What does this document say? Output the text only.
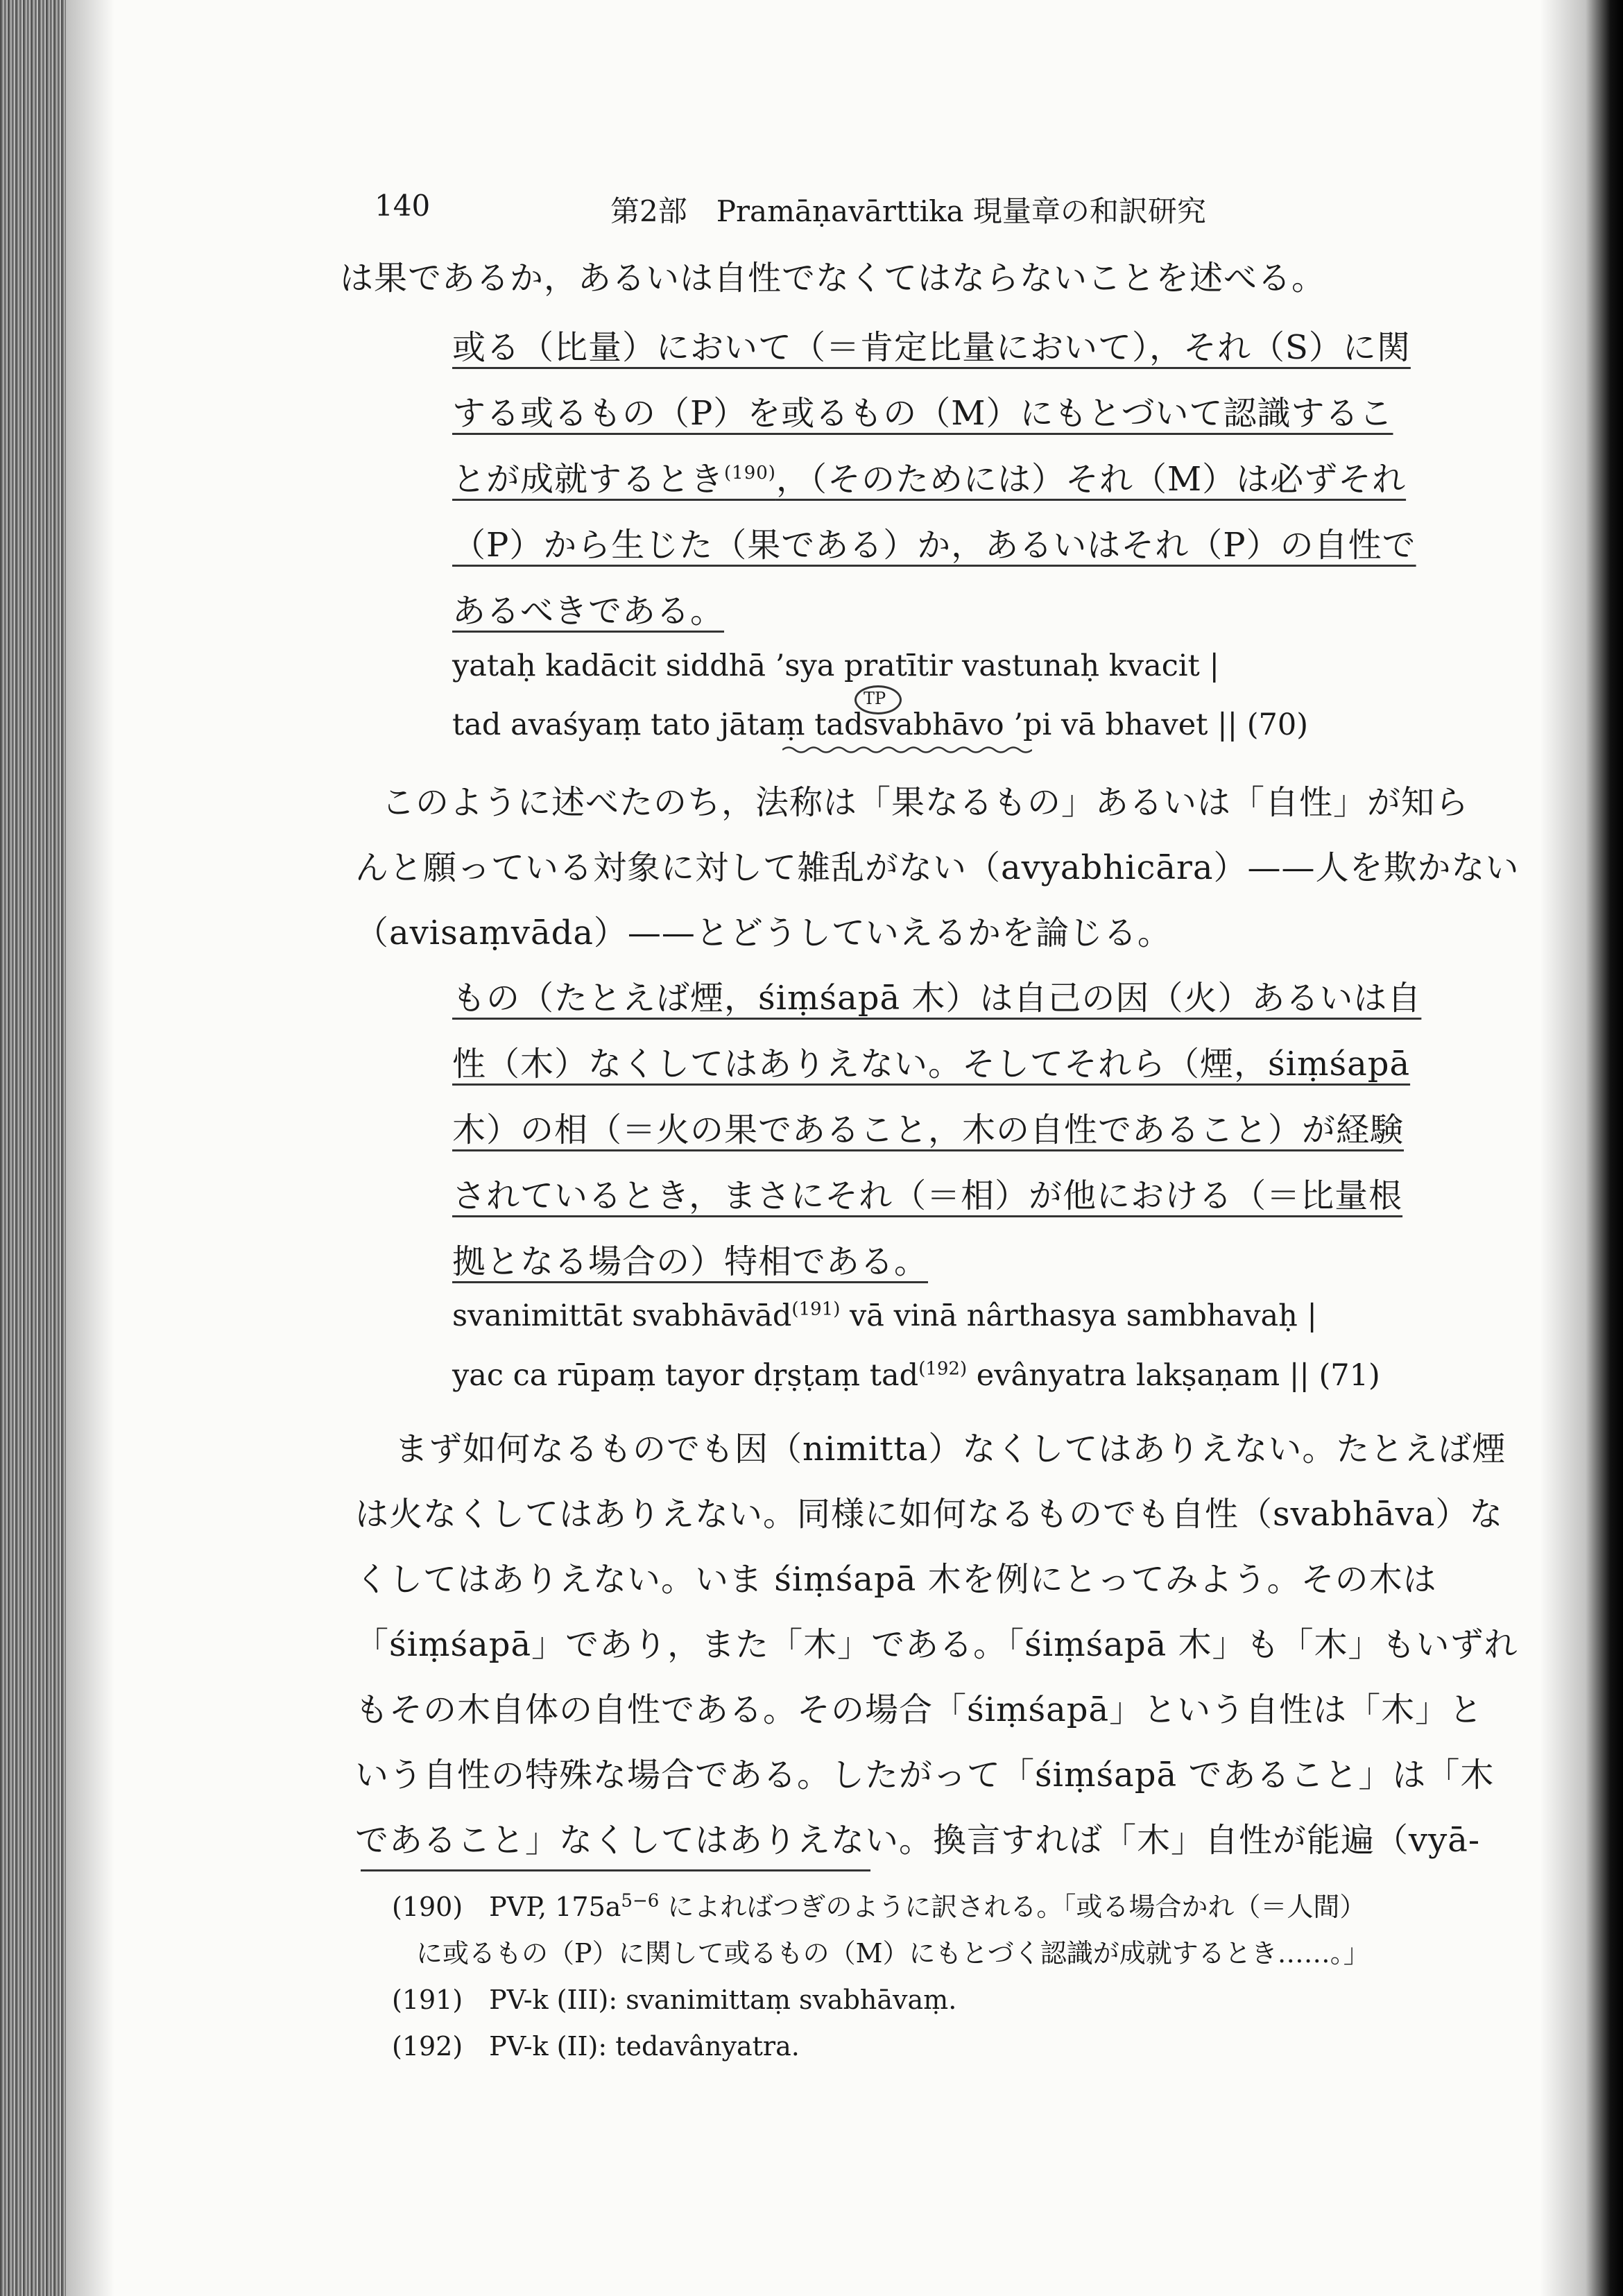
140	第2部　Pramāṇavārttika 現量章の和訳研究
は果であるか，あるいは自性でなくてはならないことを述べる。
或る（比量）において（＝肯定比量において），それ（S）に関
する或るもの（P）を或るもの（M）にもとづいて認識するこ
とが成就するとき$^{(190)}$，（そのためには）それ（M）は必ずそれ
（P）から生じた（果である）か，あるいはそれ（P）の自性で
あるべきである。
yataḥ kadācit siddhā ’sya pratītir vastunaḥ kvacit |
TP
tad avaśyaṃ tato jātaṃ tadsvabhāvo ’pi vā bhavet || (70)
このように述べたのち，法称は「果なるもの」あるいは「自性」が知ら
んと願っている対象に対して雑乱がない（avyabhicāra）——人を欺かない
（avisaṃvāda）——とどうしていえるかを論じる。
もの（たとえば煙，śiṃśapā 木）は自己の因（火）あるいは自
性（木）なくしてはありえない。そしてそれら（煙，śiṃśapā
木）の相（＝火の果であること，木の自性であること）が経験
されているとき，まさにそれ（＝相）が他における（＝比量根
拠となる場合の）特相である。
svanimittāt svabhāvād$^{(191)}$ vā vinā nârthasya sambhavaḥ |
yac ca rūpaṃ tayor dṛṣṭaṃ tad$^{(192)}$ evânyatra lakṣaṇam || (71)
　まず如何なるものでも因（nimitta）なくしてはありえない。たとえば煙
は火なくしてはありえない。同様に如何なるものでも自性（svabhāva）な
くしてはありえない。いま śiṃśapā 木を例にとってみよう。その木は
「śiṃśapā」であり，また「木」である。「śiṃśapā 木」も「木」もいずれ
もその木自体の自性である。その場合「śiṃśapā」という自性は「木」と
いう自性の特殊な場合である。したがって「śiṃśapā であること」は「木
であること」なくしてはありえない。換言すれば「木」自性が能遍（vyā-
(190)　PVP, $175a^{5-6}$ によればつぎのように訳される。「或る場合かれ（＝人間）
に或るもの（P）に関して或るもの（M）にもとづく認識が成就するとき……。」
(191)　PV-k (III): svanimittaṃ svabhāvaṃ.
(192)　PV-k (II): tedavânyatra.
